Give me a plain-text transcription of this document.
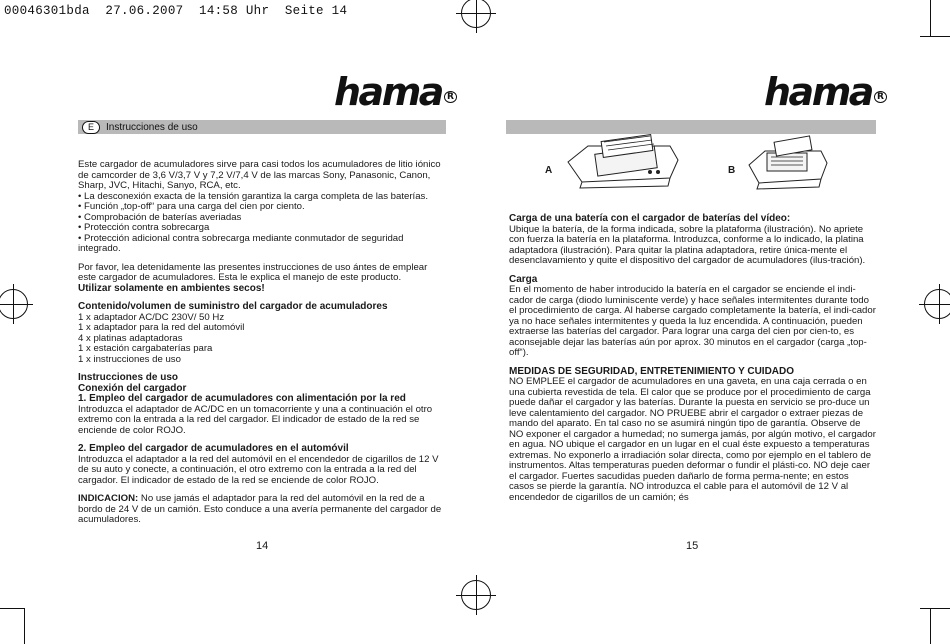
00046301bda  27.06.2007  14:58 Uhr  Seite 14
hama $^R$	hama $^R$
E Instrucciones de uso

Este cargador de acumuladores sirve para casi todos los acumuladores de litio iónico de camcorder de 3,6 V/3,7 V y 7,2 V/7,4 V de las marcas Sony, Panasonic, Canon, Sharp, JVC, Hitachi, Sanyo, RCA, etc.

• La desconexión exacta de la tensión garantiza la carga completa de las baterías.

• Función „top-off“ para una carga del cien por ciento.

• Comprobación de baterías averiadas

• Protección contra sobrecarga

• Protección adicional contra sobrecarga mediante conmutador de seguridad integrado.

Por favor, lea detenidamente las presentes instrucciones de uso ántes de emplear este cargador de acumuladores. Esta le explica el manejo de este producto.

Utilizar solamente en ambientes secos!

Contenido/volumen de suministro del cargador de acumuladores

1 x adaptador AC/DC 230V/ 50 Hz

1 x adaptador para la red del automóvil

4 x platinas adaptadoras

1 x estación cargabaterías para

1 x instrucciones de uso

Instrucciones de uso

Conexión del cargador

1. Empleo del cargador de acumuladores con alimentación por la red

Introduzca el adaptador de AC/DC en un tomacorriente y una a continuación el otro extremo con la entrada a la red del cargador. El indicador de estado de la red se enciende de color ROJO.

2. Empleo del cargador de acumuladores en el automóvil

Introduzca el adaptador a la red del automóvil en el encendedor de cigarillos de 12 V de su auto y conecte, a continuación, el otro extremo con la entrada a la red del cargador. El indicador de estado de la red se enciende de color ROJO.

INDICACION: No use jamás el adaptador para la red del automóvil en la red de a bordo de 24 V de un camión. Esto conduce a una avería permanente del cargador de acumuladores.

14
A	B

Carga de una batería con el cargador de baterías del vídeo:

Ubique la batería, de la forma indicada, sobre la plataforma (ilustración). No apriete con fuerza la batería en la plataforma. Introduzca, conforme a lo indicado, la platina adaptadora (ilustración). Para quitar la platina adaptadora, retire única-mente el desenclavamiento y quite el dispositivo del cargador de acumuladores (ilus-tración).

Carga

En el momento de haber introducido la batería en el cargador se enciende el indi-cador de carga (diodo luminiscente verde) y hace señales intermitentes durante todo el procedimiento de carga. Al haberse cargado completamente la batería, el indi-cador ya no hace señales intermitentes y queda la luz encendida. A continuación, pueden extraerse las baterías del cargador. Para lograr una carga del cien por cien-to, es aconsejable dejar las baterías aún por aprox. 30 minutos en el cargador (carga „top-off“).

MEDIDAS DE SEGURIDAD, ENTRETENIMIENTO Y CUIDADO

NO EMPLEE el cargador de acumuladores en una gaveta, en una caja cerrada o en una cubierta revestida de tela. El calor que se produce por el procedimiento de carga puede dañar el cargador y las baterías. Durante la puesta en servicio se pro-duce un leve calentamiento del cargador. NO PRUEBE abrir el cargador o extraer piezas de mando del aparato. En tal caso no se asumirá ningún tipo de garantía. Observe de NO exponer el cargador a humedad; no sumerga jamás, por algún motivo, el cargador en agua. NO ubique el cargador en un lugar en el cual éste expuesto a temperaturas extremas. No exponerlo a irradiación solar directa, como por ejemplo en el tablero de instrumentos. Altas temperaturas pueden deformar o fundir el plásti-co. NO deje caer el cargador. Fuertes sacudidas pueden dañarlo de forma perma-nente; en estos casos se pierde la garantía. NO introduzca el cable para el automóvil de 12 V al encendedor de cigarillos de un camión; és

15
